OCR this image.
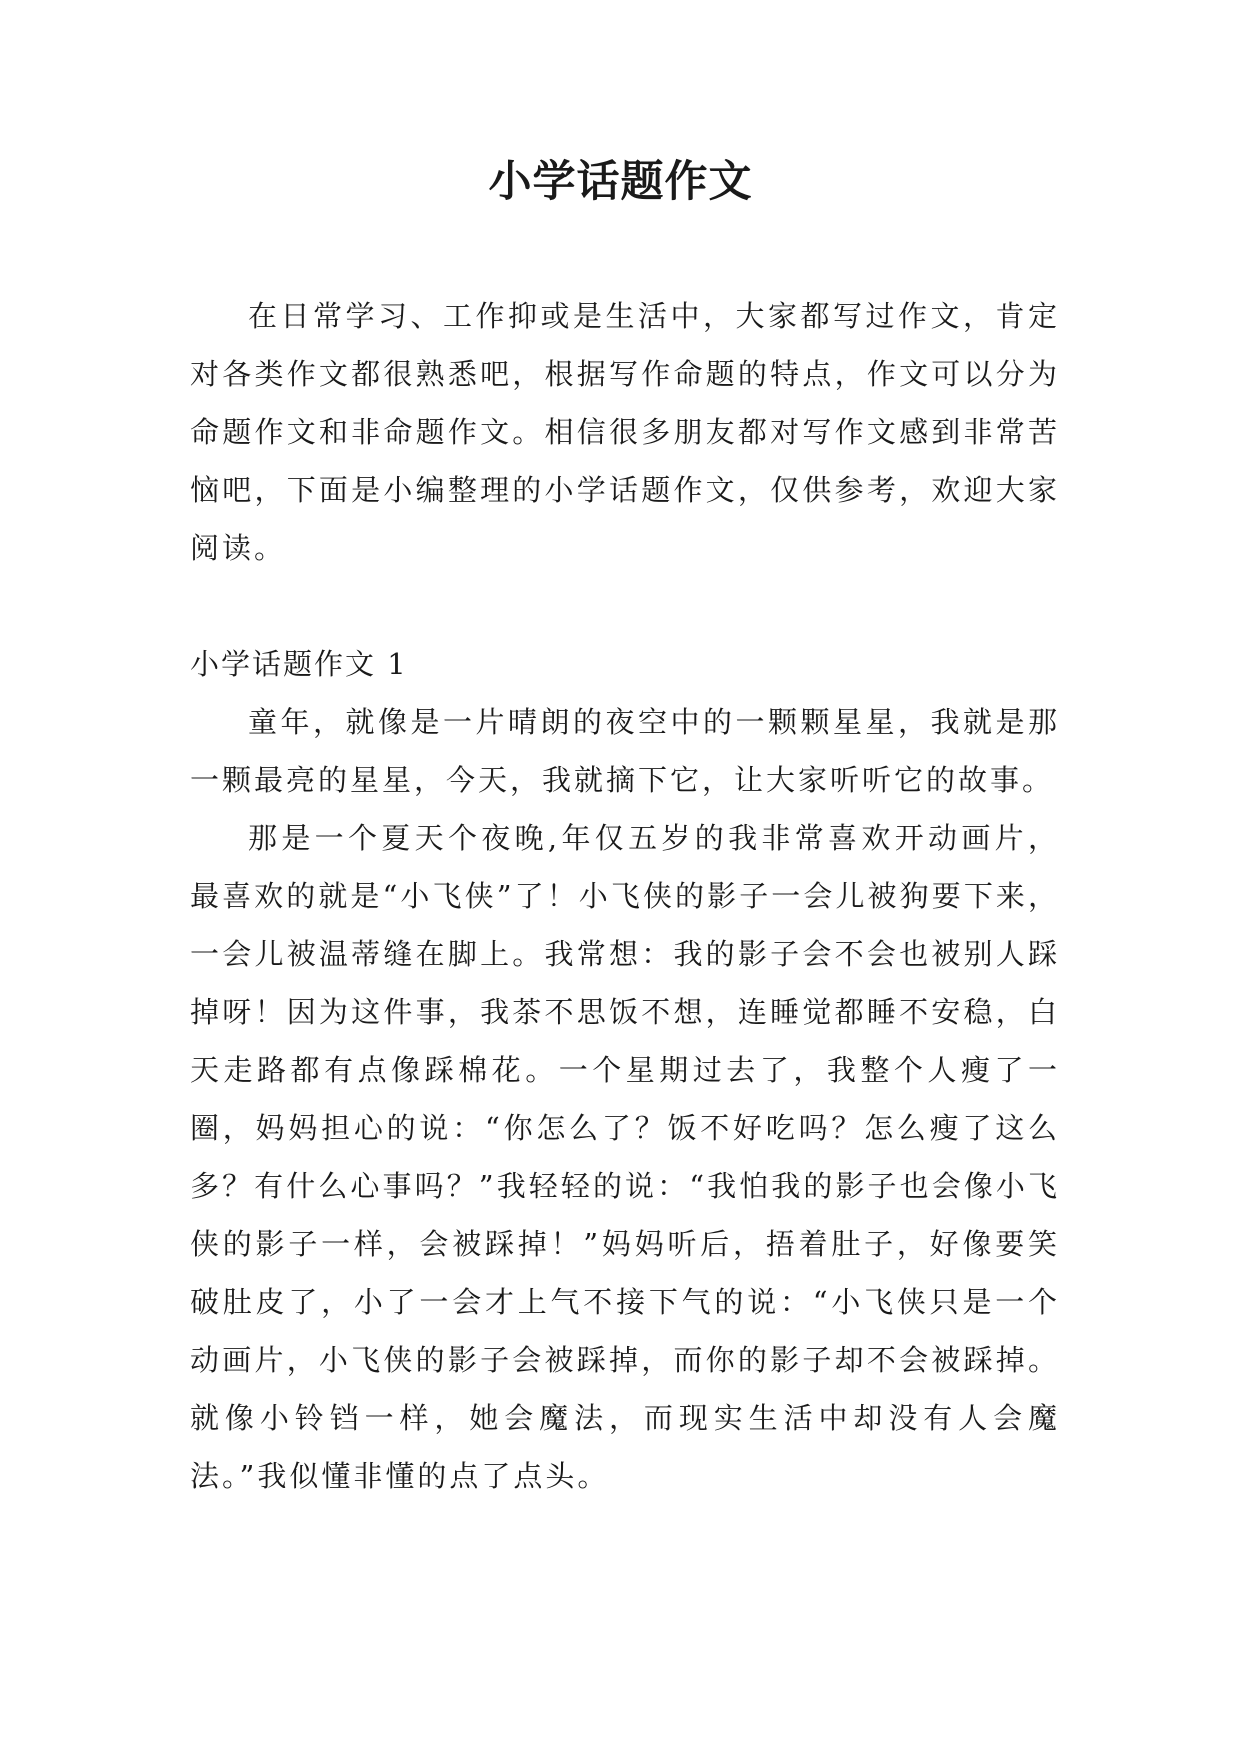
小学话题作文

在日常学习、工作抑或是生活中，大家都写过作文，肯定对各类作文都很熟悉吧，根据写作命题的特点，作文可以分为命题作文和非命题作文。相信很多朋友都对写作文感到非常苦恼吧，下面是小编整理的小学话题作文，仅供参考，欢迎大家阅读。

小学话题作文 1

童年，就像是一片晴朗的夜空中的一颗颗星星，我就是那一颗最亮的星星，今天，我就摘下它，让大家听听它的故事。

那是一个夏天个夜晚,年仅五岁的我非常喜欢开动画片，最喜欢的就是“小飞侠”了！小飞侠的影子一会儿被狗要下来，一会儿被温蒂缝在脚上。我常想：我的影子会不会也被别人踩掉呀！因为这件事，我茶不思饭不想，连睡觉都睡不安稳，白天走路都有点像踩棉花。一个星期过去了，我整个人瘦了一圈，妈妈担心的说：“你怎么了？饭不好吃吗？怎么瘦了这么多？有什么心事吗？”我轻轻的说：“我怕我的影子也会像小飞侠的影子一样，会被踩掉！”妈妈听后，捂着肚子，好像要笑破肚皮了，小了一会才上气不接下气的说：“小飞侠只是一个动画片，小飞侠的影子会被踩掉，而你的影子却不会被踩掉。就像小铃铛一样，她会魔法，而现实生活中却没有人会魔法。”我似懂非懂的点了点头。
